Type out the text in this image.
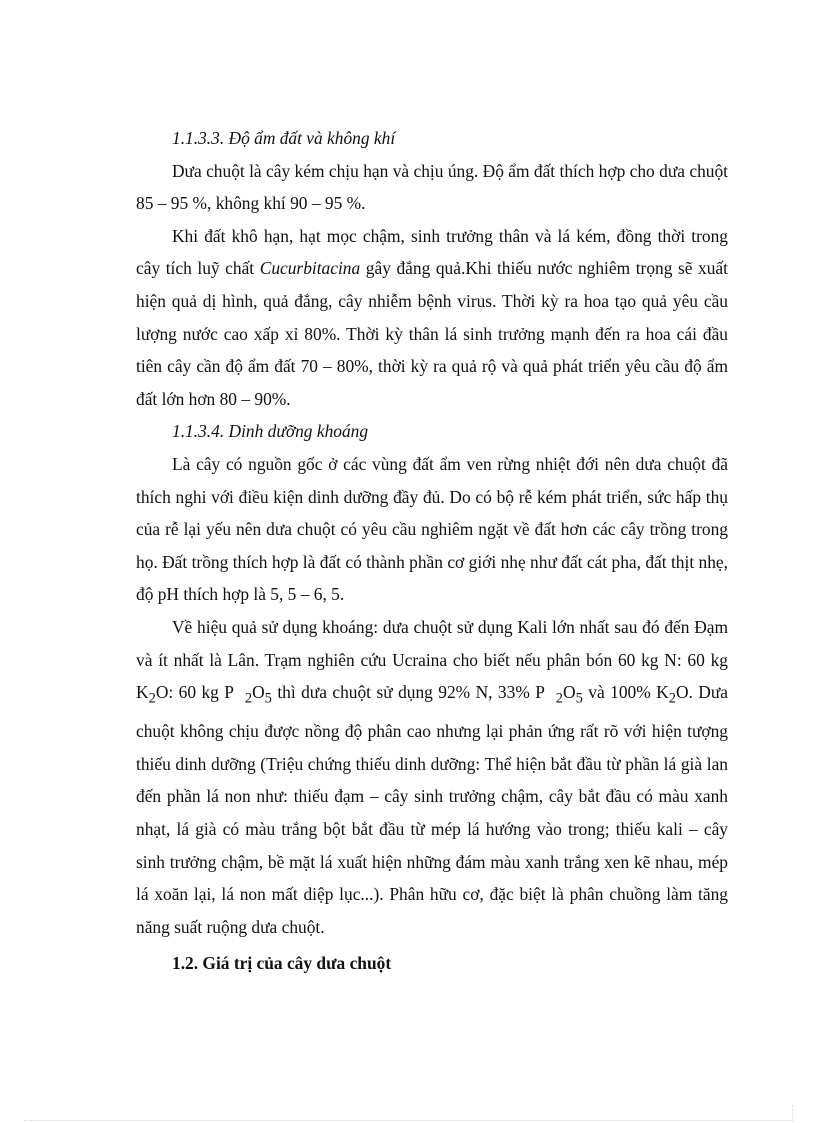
1.1.3.3. Độ ẩm đất và không khí

Dưa chuột là cây kém chịu hạn và chịu úng. Độ ẩm đất thích hợp cho dưa chuột 85 – 95 %, không khí 90 – 95 %.

Khi đất khô hạn, hạt mọc chậm, sinh trưởng thân và lá kém, đồng thời trong cây tích luỹ chất Cucurbitacina gây đắng quả.Khi thiếu nước nghiêm trọng sẽ xuất hiện quả dị hình, quả đắng, cây nhiễm bệnh virus. Thời kỳ ra hoa tạo quả yêu cầu lượng nước cao xấp xỉ 80%. Thời kỳ thân lá sinh trưởng mạnh đến ra hoa cái đầu tiên cây cần độ ẩm đất 70 – 80%, thời kỳ ra quả rộ và quả phát triển yêu cầu độ ẩm đất lớn hơn 80 – 90%.

1.1.3.4. Dinh dưỡng khoáng

Là cây có nguồn gốc ở các vùng đất ẩm ven rừng nhiệt đới nên dưa chuột đã thích nghi với điều kiện dinh dưỡng đầy đủ. Do có bộ rễ kém phát triển, sức hấp thụ của rễ lại yếu nên dưa chuột có yêu cầu nghiêm ngặt về đất hơn các cây trồng trong họ. Đất trồng thích hợp là đất có thành phần cơ giới nhẹ như đất cát pha, đất thịt nhẹ, độ pH thích hợp là 5, 5 – 6, 5.

Về hiệu quả sử dụng khoáng: dưa chuột sử dụng Kali lớn nhất sau đó đến Đạm và ít nhất là Lân. Trạm nghiên cứu Ucraina cho biết nếu phân bón 60 kg N: 60 kg $K_2O$: 60 kg P $_2O_5$ thì dưa chuột sử dụng 92% N, 33% P $_2O_5$ và 100% $K_2O$. Dưa chuột không chịu được nồng độ phân cao nhưng lại phản ứng rất rõ với hiện tượng thiếu dinh dưỡng (Triệu chứng thiếu dinh dưỡng: Thể hiện bắt đầu từ phần lá già lan đến phần lá non như: thiếu đạm – cây sinh trưởng chậm, cây bắt đầu có màu xanh nhạt, lá già có màu trắng bột bắt đầu từ mép lá hướng vào trong; thiếu kali – cây sinh trưởng chậm, bề mặt lá xuất hiện những đám màu xanh trắng xen kẽ nhau, mép lá xoăn lại, lá non mất diệp lục...). Phân hữu cơ, đặc biệt là phân chuồng làm tăng năng suất ruộng dưa chuột.

1.2. Giá trị của cây dưa chuột
